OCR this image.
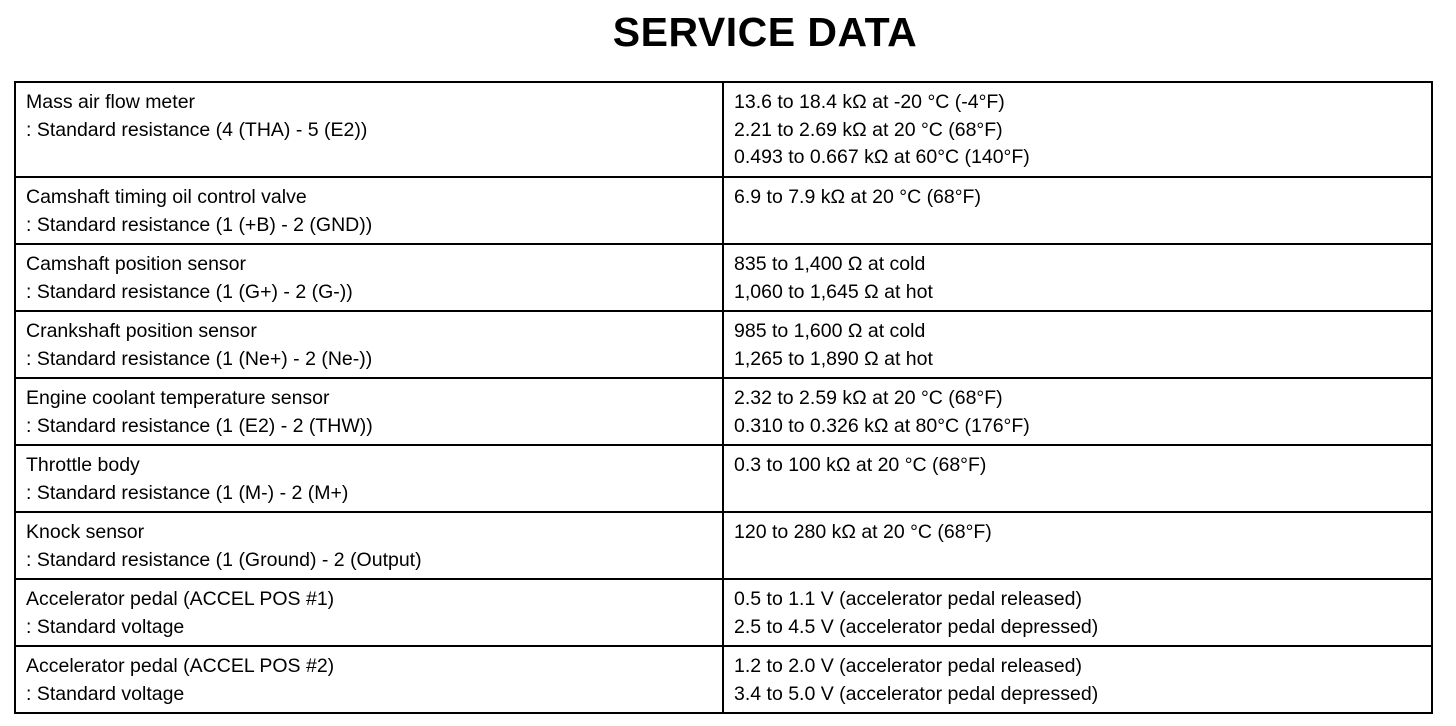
SERVICE DATA
Mass air flow meter
: Standard resistance (4 (THA) - 5 (E2))	13.6 to 18.4 kΩ at -20 °C (-4°F)
2.21 to 2.69 kΩ at 20 °C (68°F)
0.493 to 0.667 kΩ at 60°C (140°F)

Camshaft timing oil control valve
: Standard resistance (1 (+B) - 2 (GND))	6.9 to 7.9 kΩ at 20 °C (68°F)

Camshaft position sensor
: Standard resistance (1 (G+) - 2 (G-))	835 to 1,400 Ω at cold
1,060 to 1,645 Ω at hot

Crankshaft position sensor
: Standard resistance (1 (Ne+) - 2 (Ne-))	985 to 1,600 Ω at cold
1,265 to 1,890 Ω at hot

Engine coolant temperature sensor
: Standard resistance (1 (E2) - 2 (THW))	2.32 to 2.59 kΩ at 20 °C (68°F)
0.310 to 0.326 kΩ at 80°C (176°F)

Throttle body
: Standard resistance (1 (M-) - 2 (M+)	0.3 to 100 kΩ at 20 °C (68°F)

Knock sensor
: Standard resistance (1 (Ground) - 2 (Output)	120 to 280 kΩ at 20 °C (68°F)

Accelerator pedal (ACCEL POS #1)
: Standard voltage	0.5 to 1.1 V (accelerator pedal released)
2.5 to 4.5 V (accelerator pedal depressed)

Accelerator pedal (ACCEL POS #2)
: Standard voltage	1.2 to 2.0 V (accelerator pedal released)
3.4 to 5.0 V (accelerator pedal depressed)
